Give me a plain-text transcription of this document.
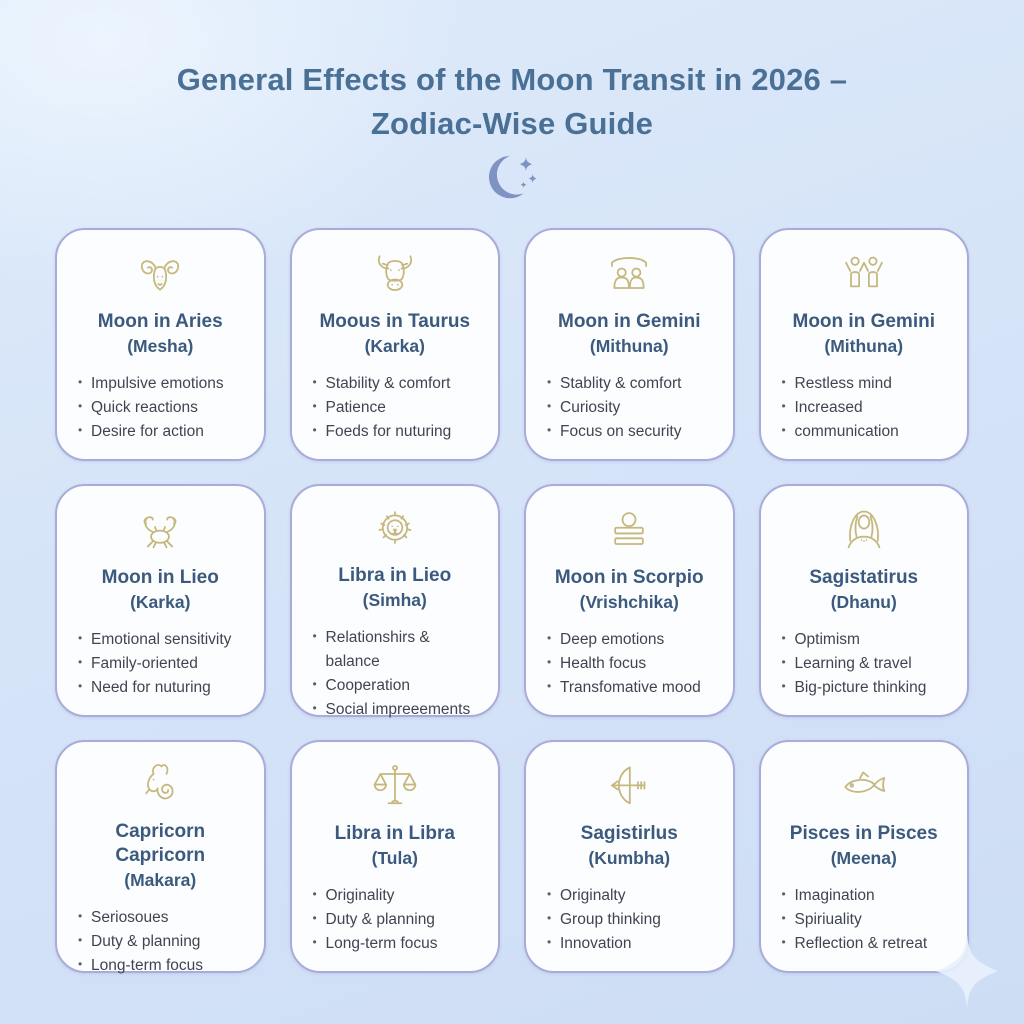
General Effects of the Moon Transit in 2026 –
Zodiac-Wise Guide
Moon in Aries
(Mesha)
• Impulsive emotions
• Quick reactions
• Desire for action
Moous in Taurus
(Karka)
• Stability & comfort
• Patience
• Foeds for nuturing
Moon in Gemini
(Mithuna)
• Stablity & comfort
• Curiosity
• Focus on security
Moon in Gemini
(Mithuna)
• Restless mind
• Increased
• communication
Moon in Lieo
(Karka)
• Emotional sensitivity
• Family-oriented
• Need for nuturing
Libra in Lieo
(Simha)
• Relationshirs & balance
• Cooperation
• Social impreeements
Moon in Scorpio
(Vrishchika)
• Deep emotions
• Health focus
• Transfomative mood
Sagistatirus
(Dhanu)
• Optimism
• Learning & travel
• Big-picture thinking
Capricorn Capricorn
(Makara)
• Seriosoues
• Duty & planning
• Long-term focus
Libra in Libra
(Tula)
• Originality
• Duty & planning
• Long-term focus
Sagistirlus
(Kumbha)
• Originalty
• Group thinking
• Innovation
Pisces in Pisces
(Meena)
• Imagination
• Spiriuality
• Reflection & retreat
